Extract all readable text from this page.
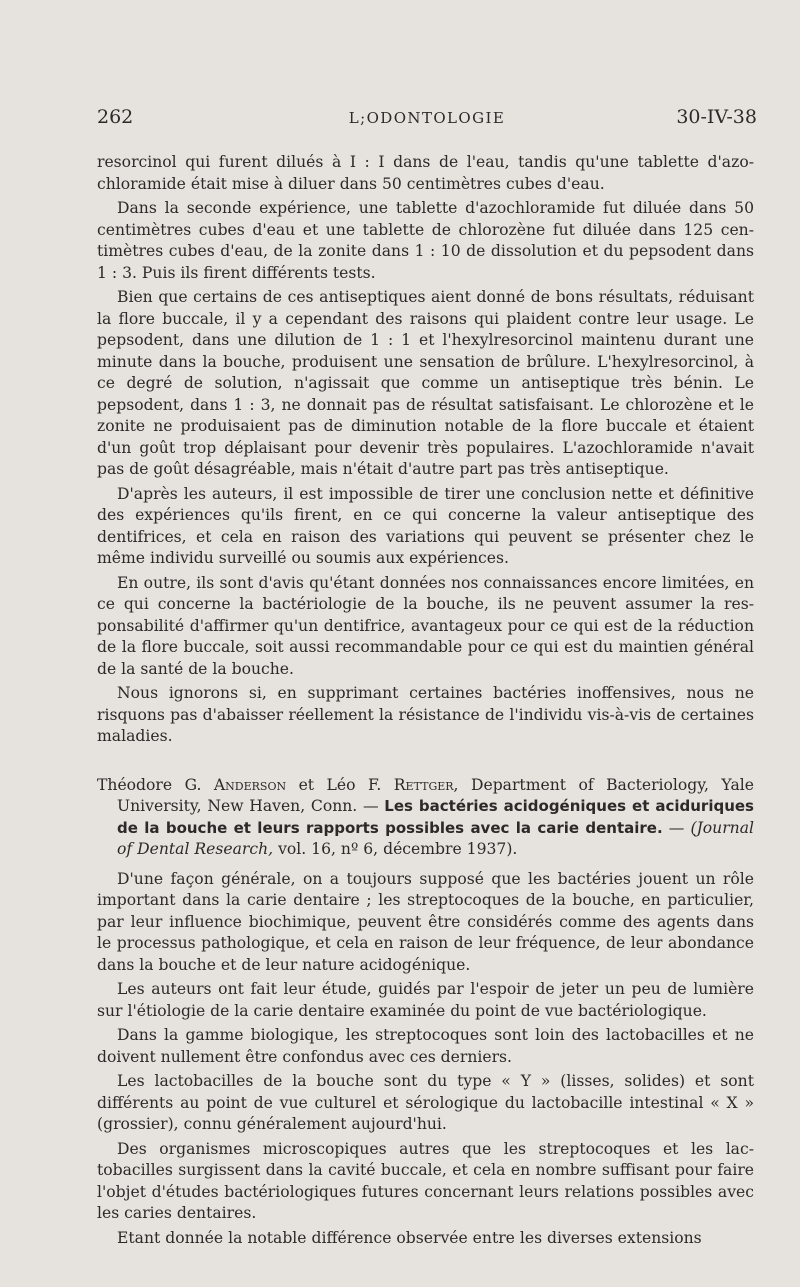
262	L;ODONTOLOGIE	30-IV-38

resorcinol qui furent dilués à I : I dans de l'eau, tandis qu'une tablette d'azochloramide était mise à diluer dans 50 centimètres cubes d'eau.

Dans la seconde expérience, une tablette d'azochloramide fut diluée dans 50 centimètres cubes d'eau et une tablette de chlorozène fut diluée dans 125 centimètres cubes d'eau, de la zonite dans 1 : 10 de dissolution et du pepsodent dans 1 : 3. Puis ils firent différents tests.

Bien que certains de ces antiseptiques aient donné de bons résultats, réduisant la flore buccale, il y a cependant des raisons qui plaident contre leur usage. Le pepsodent, dans une dilution de 1 : 1 et l'hexylresorcinol maintenu durant une minute dans la bouche, produisent une sensation de brûlure. L'hexylresorcinol, à ce degré de solution, n'agissait que comme un antiseptique très bénin. Le pepsodent, dans 1 : 3, ne donnait pas de résultat satisfaisant. Le chlorozène et le zonite ne produisaient pas de diminution notable de la flore buccale et étaient d'un goût trop déplaisant pour devenir très populaires. L'azochloramide n'avait pas de goût désagréable, mais n'était d'autre part pas très antiseptique.

D'après les auteurs, il est impossible de tirer une conclusion nette et définitive des expériences qu'ils firent, en ce qui concerne la valeur antiseptique des dentifrices, et cela en raison des variations qui peuvent se présenter chez le même individu surveillé ou soumis aux expériences.

En outre, ils sont d'avis qu'étant données nos connaissances encore limitées, en ce qui concerne la bactériologie de la bouche, ils ne peuvent assumer la responsabilité d'affirmer qu'un dentifrice, avantageux pour ce qui est de la réduction de la flore buccale, soit aussi recommandable pour ce qui est du maintien général de la santé de la bouche.

Nous ignorons si, en supprimant certaines bactéries inoffensives, nous ne risquons pas d'abaisser réellement la résistance de l'individu vis-à-vis de certaines maladies.

Théodore G. Anderson et Léo F. Rettger, Department of Bacteriology, Yale University, New Haven, Conn. — Les bactéries acidogéniques et aciduriques de la bouche et leurs rapports possibles avec la carie dentaire. — (Journal of Dental Research, vol. 16, nº 6, décembre 1937).

D'une façon générale, on a toujours supposé que les bactéries jouent un rôle important dans la carie dentaire ; les streptocoques de la bouche, en particulier, par leur influence biochimique, peuvent être considérés comme des agents dans le processus pathologique, et cela en raison de leur fréquence, de leur abondance dans la bouche et de leur nature acidogénique.

Les auteurs ont fait leur étude, guidés par l'espoir de jeter un peu de lumière sur l'étiologie de la carie dentaire examinée du point de vue bactériologique.

Dans la gamme biologique, les streptocoques sont loin des lactobacilles et ne doivent nullement être confondus avec ces derniers.

Les lactobacilles de la bouche sont du type « Y » (lisses, solides) et sont différents au point de vue culturel et sérologique du lactobacille intestinal « X » (grossier), connu généralement aujourd'hui.

Des organismes microscopiques autres que les streptocoques et les lactobacilles surgissent dans la cavité buccale, et cela en nombre suffisant pour faire l'objet d'études bactériologiques futures concernant leurs relations possibles avec les caries dentaires.

Etant donnée la notable différence observée entre les diverses extensions
